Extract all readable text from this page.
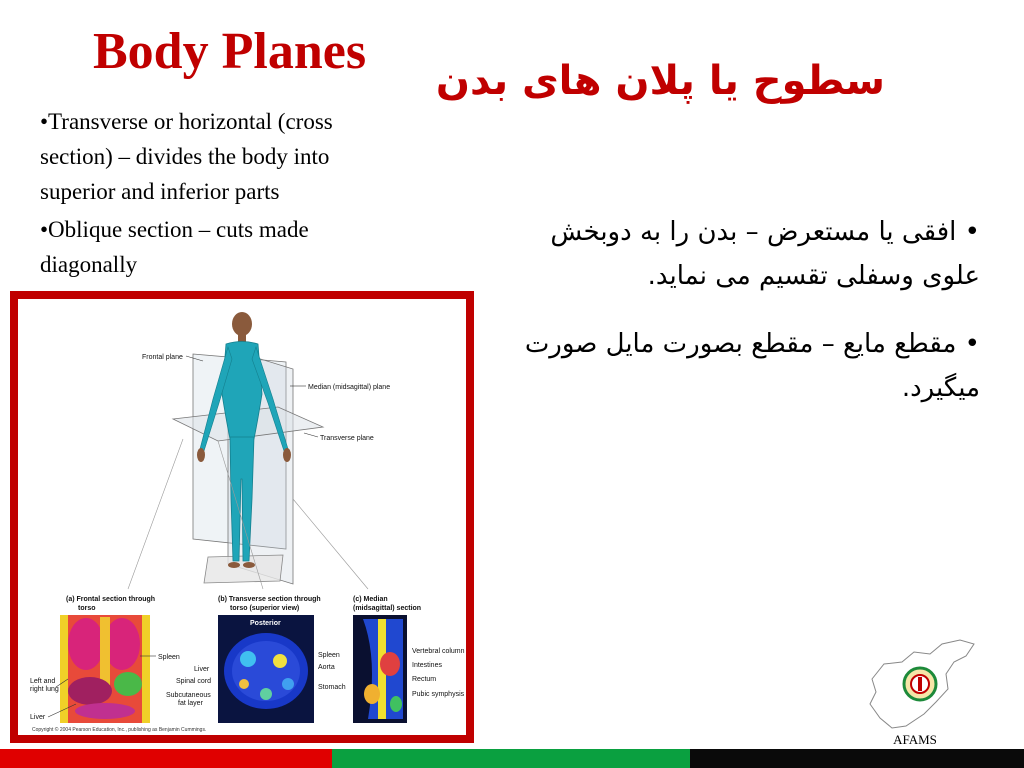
Body Planes
سطوح یا پلان های بدن

•Transverse or horizontal (cross section) – divides the body into superior and inferior parts

•Oblique section – cuts made diagonally

• افقی یا مستعرض – بدن را به دوبخش علوی وسفلی تقسیم می نماید.

• مقطع مایع – مقطع بصورت مایل صورت میگیرد.

Frontal plane
Median (midsagittal) plane
Transverse plane
(a) Frontal section through
torso
(b) Transverse section through
torso (superior view)
(c) Median
(midsagittal) section
Spleen
Left and
right lung
Liver
Posterior
Liver
Spinal cord
Subcutaneous
fat layer
Spleen
Aorta
Stomach
Vertebral column
Intestines
Rectum
Pubic symphysis
Copyright © 2004 Pearson Education, Inc., publishing as Benjamin Cummings.
AFAMS
